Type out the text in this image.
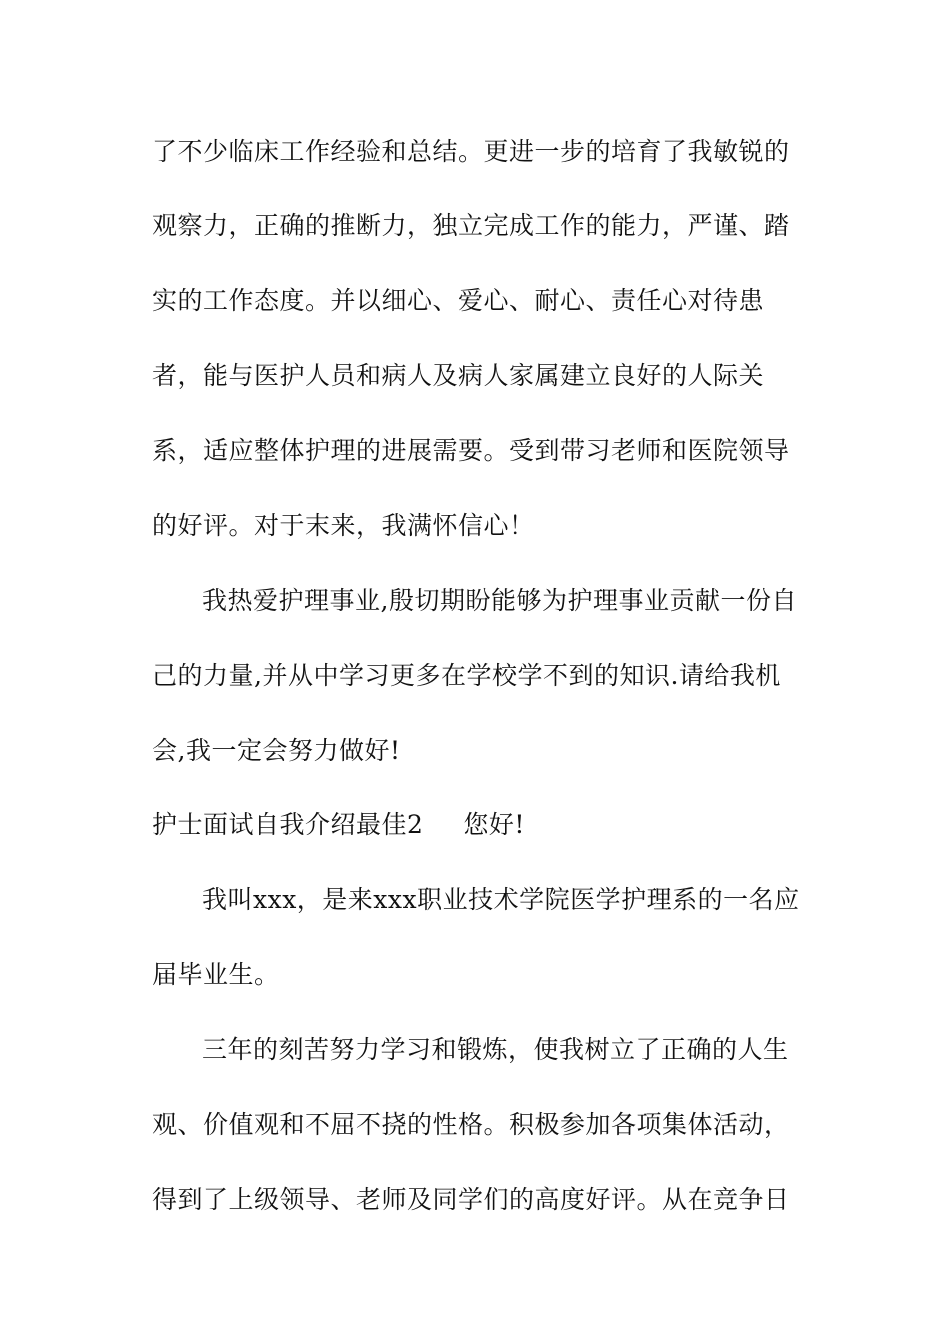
了不少临床工作经验和总结。更进一步的培育了我敏锐的
观察力，正确的推断力，独立完成工作的能力，严谨、踏
实的工作态度。并以细心、爱心、耐心、责任心对待患
者，能与医护人员和病人及病人家属建立良好的人际关
系，适应整体护理的进展需要。受到带习老师和医院领导
的好评。对于末来，我满怀信心！
我热爱护理事业,殷切期盼能够为护理事业贡献一份自
己的力量,并从中学习更多在学校学不到的知识.请给我机
会,我一定会努力做好!
护士面试自我介绍最佳2 您好!
我叫xxx，是来xxx职业技术学院医学护理系的一名应
届毕业生。
三年的刻苦努力学习和锻炼，使我树立了正确的人生
观、价值观和不屈不挠的性格。积极参加各项集体活动，
得到了上级领导、老师及同学们的高度好评。从在竞争日
